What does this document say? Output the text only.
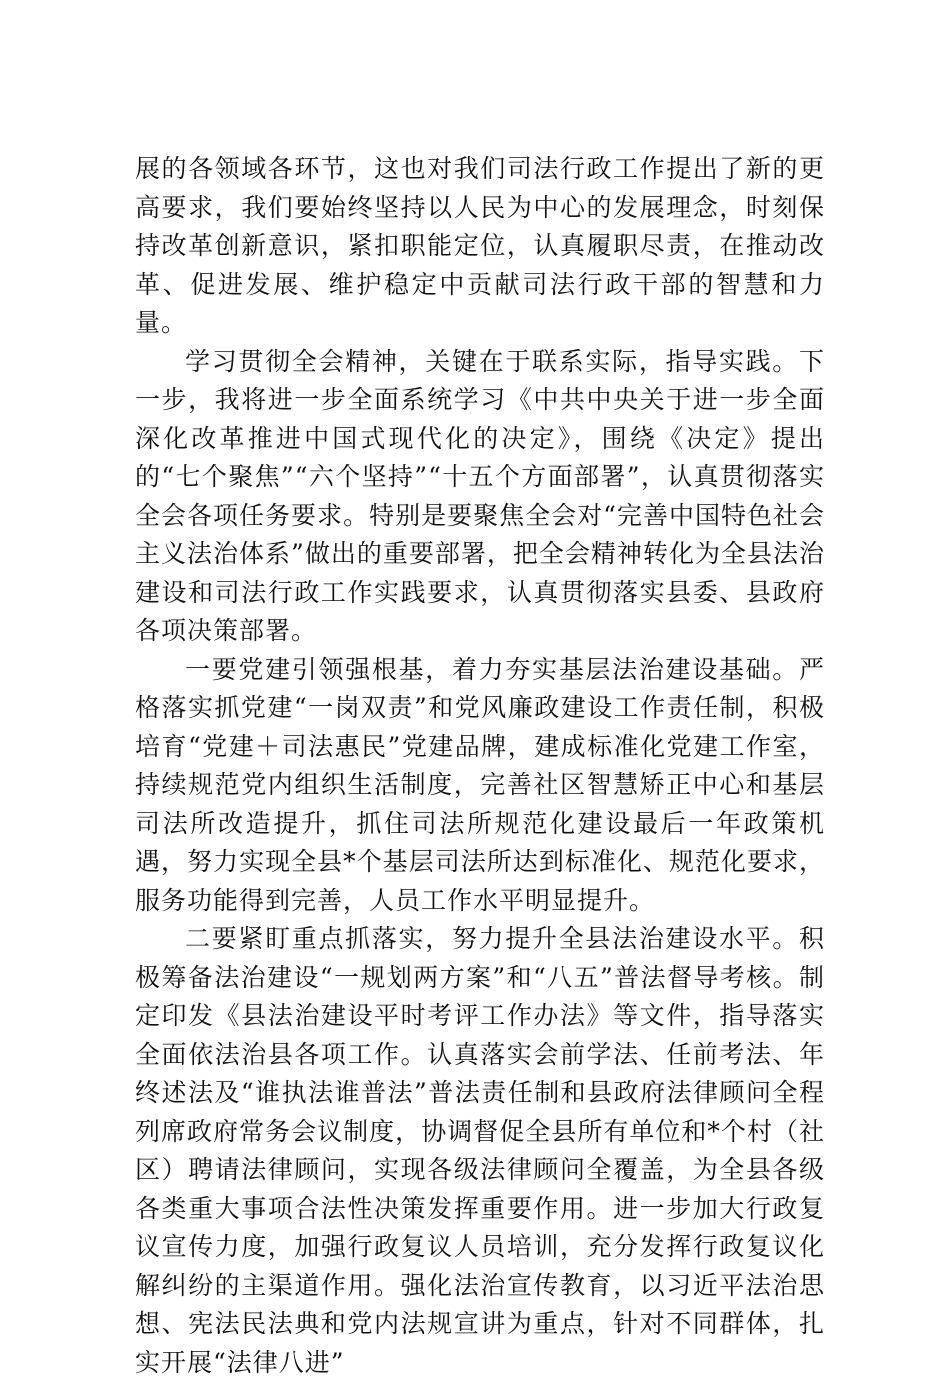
展的各领域各环节，这也对我们司法行政工作提出了新的更高要求，我们要始终坚持以人民为中心的发展理念，时刻保持改革创新意识，紧扣职能定位，认真履职尽责，在推动改革、促进发展、维护稳定中贡献司法行政干部的智慧和力量。

学习贯彻全会精神，关键在于联系实际，指导实践。下一步，我将进一步全面系统学习《中共中央关于进一步全面深化改革推进中国式现代化的决定》，围绕《决定》提出的“七个聚焦”“六个坚持”“十五个方面部署”，认真贯彻落实全会各项任务要求。特别是要聚焦全会对“完善中国特色社会主义法治体系”做出的重要部署，把全会精神转化为全县法治建设和司法行政工作实践要求，认真贯彻落实县委、县政府各项决策部署。

一要党建引领强根基，着力夯实基层法治建设基础。严格落实抓党建“一岗双责”和党风廉政建设工作责任制，积极培育“党建＋司法惠民”党建品牌，建成标准化党建工作室，持续规范党内组织生活制度，完善社区智慧矫正中心和基层司法所改造提升，抓住司法所规范化建设最后一年政策机遇，努力实现全县*个基层司法所达到标准化、规范化要求，服务功能得到完善，人员工作水平明显提升。

二要紧盯重点抓落实，努力提升全县法治建设水平。积极筹备法治建设“一规划两方案”和“八五”普法督导考核。制定印发《县法治建设平时考评工作办法》等文件，指导落实全面依法治县各项工作。认真落实会前学法、任前考法、年终述法及“谁执法谁普法”普法责任制和县政府法律顾问全程列席政府常务会议制度，协调督促全县所有单位和*个村（社区）聘请法律顾问，实现各级法律顾问全覆盖，为全县各级各类重大事项合法性决策发挥重要作用。进一步加大行政复议宣传力度，加强行政复议人员培训，充分发挥行政复议化解纠纷的主渠道作用。强化法治宣传教育，以习近平法治思想、宪法民法典和党内法规宣讲为重点，针对不同群体，扎实开展“法律八进”
